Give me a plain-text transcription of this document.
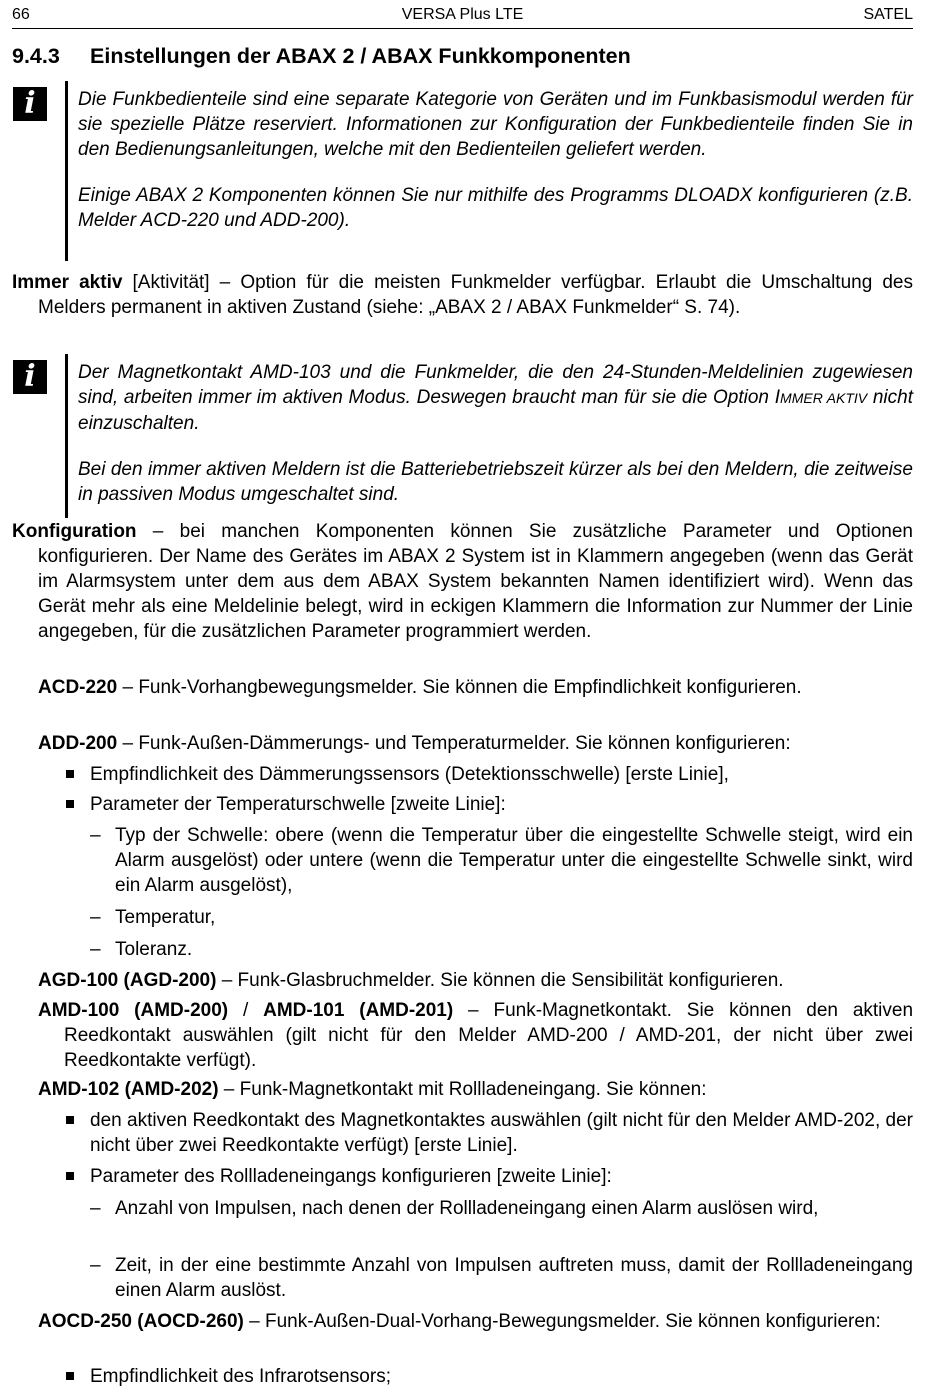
66	VERSA Plus LTE	SATEL
9.4.3 Einstellungen der ABAX 2 / ABAX Funkkomponenten
i	Die Funkbedienteile sind eine separate Kategorie von Geräten und im Funkbasismodul werden für sie spezielle Plätze reserviert. Informationen zur Konfiguration der Funkbedienteile finden Sie in den Bedienungsanleitungen, welche mit den Bedienteilen geliefert werden.

Einige ABAX 2 Komponenten können Sie nur mithilfe des Programms DLOADX konfigurieren (z.B. Melder ACD-220 und ADD-200).

Immer aktiv [Aktivität] – Option für die meisten Funkmelder verfügbar. Erlaubt die Umschaltung des Melders permanent in aktiven Zustand (siehe: „ABAX 2 / ABAX Funkmelder“ S. 74).
i	Der Magnetkontakt AMD-103 und die Funkmelder, die den 24-Stunden-Meldelinien zugewiesen sind, arbeiten immer im aktiven Modus. Deswegen braucht man für sie die Option IMMER AKTIV nicht einzuschalten.

Bei den immer aktiven Meldern ist die Batteriebetriebszeit kürzer als bei den Meldern, die zeitweise in passiven Modus umgeschaltet sind.

Konfiguration – bei manchen Komponenten können Sie zusätzliche Parameter und Optionen konfigurieren. Der Name des Gerätes im ABAX 2 System ist in Klammern angegeben (wenn das Gerät im Alarmsystem unter dem aus dem ABAX System bekannten Namen identifiziert wird). Wenn das Gerät mehr als eine Meldelinie belegt, wird in eckigen Klammern die Information zur Nummer der Linie angegeben, für die zusätzlichen Parameter programmiert werden.
ACD-220 – Funk-Vorhangbewegungsmelder. Sie können die Empfindlichkeit konfigurieren.
ADD-200 – Funk-Außen-Dämmerungs- und Temperaturmelder. Sie können konfigurieren:
Empfindlichkeit des Dämmerungssensors (Detektionsschwelle) [erste Linie],
Parameter der Temperaturschwelle [zweite Linie]:
– Typ der Schwelle: obere (wenn die Temperatur über die eingestellte Schwelle steigt, wird ein Alarm ausgelöst) oder untere (wenn die Temperatur unter die eingestellte Schwelle sinkt, wird ein Alarm ausgelöst),
– Temperatur,
– Toleranz.
AGD-100 (AGD-200) – Funk-Glasbruchmelder. Sie können die Sensibilität konfigurieren.
AMD-100 (AMD-200) / AMD-101 (AMD-201) – Funk-Magnetkontakt. Sie können den aktiven Reedkontakt auswählen (gilt nicht für den Melder AMD-200 / AMD-201, der nicht über zwei Reedkontakte verfügt).
AMD-102 (AMD-202) – Funk-Magnetkontakt mit Rollladeneingang. Sie können:
den aktiven Reedkontakt des Magnetkontaktes auswählen (gilt nicht für den Melder AMD-202, der nicht über zwei Reedkontakte verfügt) [erste Linie].
Parameter des Rollladeneingangs konfigurieren [zweite Linie]:
– Anzahl von Impulsen, nach denen der Rollladeneingang einen Alarm auslösen wird,
– Zeit, in der eine bestimmte Anzahl von Impulsen auftreten muss, damit der Rollladeneingang einen Alarm auslöst.
AOCD-250 (AOCD-260) – Funk-Außen-Dual-Vorhang-Bewegungsmelder. Sie können konfigurieren:
Empfindlichkeit des Infrarotsensors;
